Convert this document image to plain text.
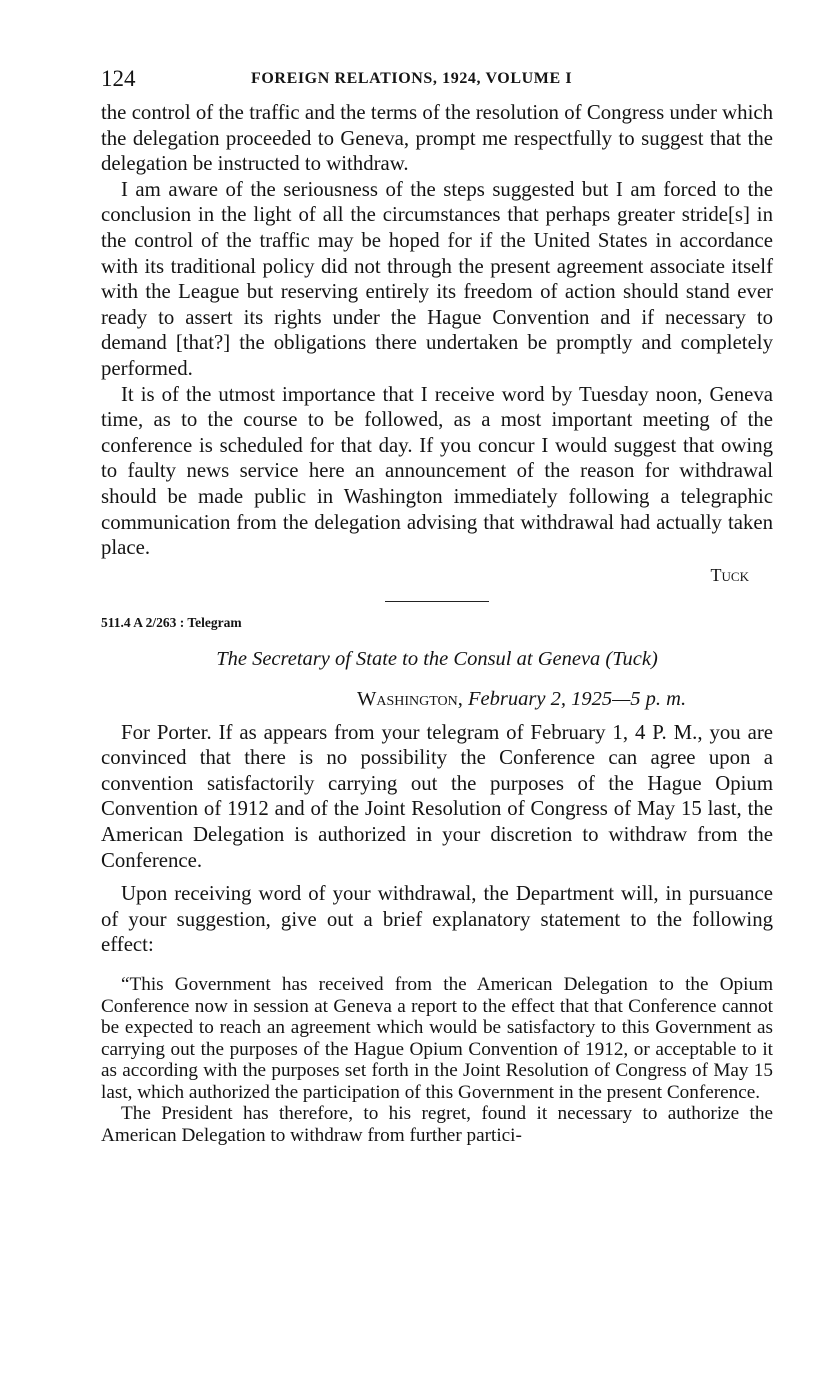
124	FOREIGN RELATIONS, 1924, VOLUME I

the control of the traffic and the terms of the resolution of Congress under which the delegation proceeded to Geneva, prompt me respectfully to suggest that the delegation be instructed to withdraw.

I am aware of the seriousness of the steps suggested but I am forced to the conclusion in the light of all the circumstances that perhaps greater stride[s] in the control of the traffic may be hoped for if the United States in accordance with its traditional policy did not through the present agreement associate itself with the League but reserving entirely its freedom of action should stand ever ready to assert its rights under the Hague Convention and if necessary to demand [that?] the obligations there undertaken be promptly and completely performed.

It is of the utmost importance that I receive word by Tuesday noon, Geneva time, as to the course to be followed, as a most important meeting of the conference is scheduled for that day. If you concur I would suggest that owing to faulty news service here an announcement of the reason for withdrawal should be made public in Washington immediately following a telegraphic communication from the delegation advising that withdrawal had actually taken place.

Tuck
511.4 A 2/263 : Telegram
The Secretary of State to the Consul at Geneva (Tuck)
Washington, February 2, 1925—5 p. m.

For Porter. If as appears from your telegram of February 1, 4 P. M., you are convinced that there is no possibility the Conference can agree upon a convention satisfactorily carrying out the purposes of the Hague Opium Convention of 1912 and of the Joint Resolution of Congress of May 15 last, the American Delegation is authorized in your discretion to withdraw from the Conference.

Upon receiving word of your withdrawal, the Department will, in pursuance of your suggestion, give out a brief explanatory statement to the following effect:

“This Government has received from the American Delegation to the Opium Conference now in session at Geneva a report to the effect that that Conference cannot be expected to reach an agreement which would be satisfactory to this Government as carrying out the purposes of the Hague Opium Convention of 1912, or acceptable to it as according with the purposes set forth in the Joint Resolution of Congress of May 15 last, which authorized the participation of this Government in the present Conference.

The President has therefore, to his regret, found it necessary to authorize the American Delegation to withdraw from further partici-
